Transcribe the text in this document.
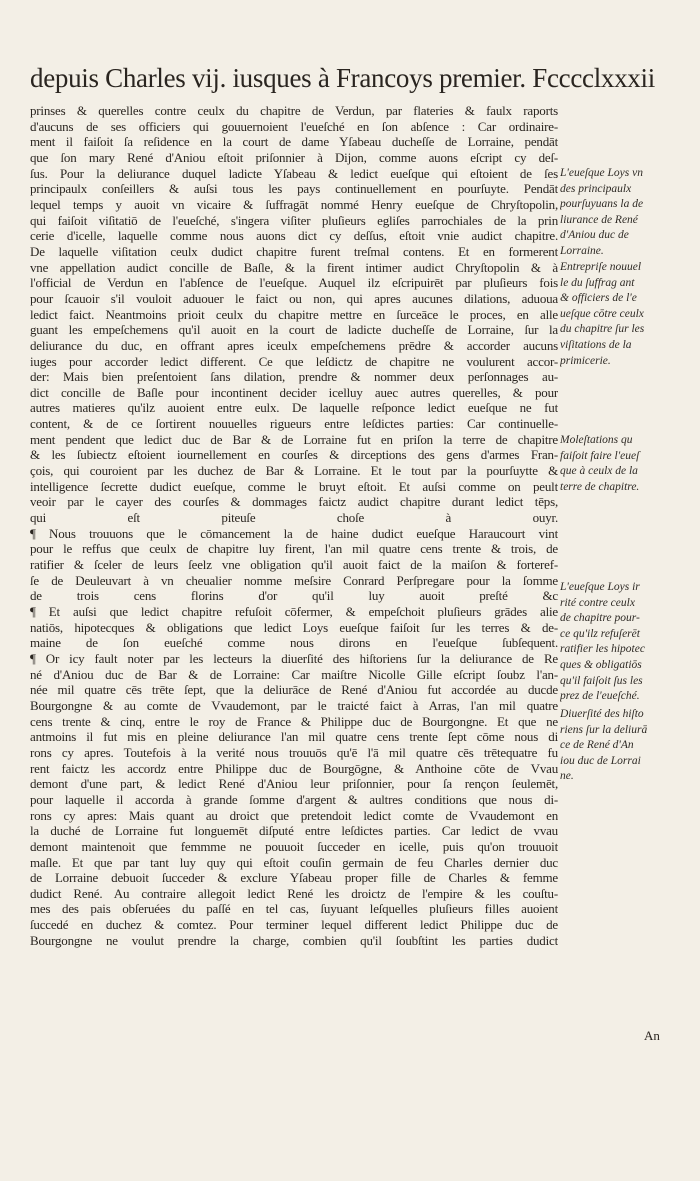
depuis Charles vij. iusques à Francoys premier. Fcccclxxxii

prinses & querelles contre ceulx du chapitre de Verdun, par flateries & faulx raports

d'aucuns de ses officiers qui gouuernoient l'eueſché en ſon abſence : Car ordinaire-

ment il faiſoit ſa reſidence en la court de dame Yſabeau ducheſſe de Lorraine, pendāt

que ſon mary René d'Aniou eſtoit priſonnier à Dijon, comme auons eſcript cy deſ-

ſus. Pour la deliurance duquel ladicte Yſabeau & ledict eueſque qui eſtoient de ſes

principaulx conſeillers & auſsi tous les pays continuellement en pourſuyte. Pendāt

lequel temps y auoit vn vicaire & ſuffragāt nommé Henry eueſque de Chryſtopolin,

qui faiſoit viſitatiō de l'eueſché, s'ingera viſiter pluſieurs egliſes parrochiales de la prin

cerie d'icelle, laquelle comme nous auons dict cy deſſus, eſtoit vnie audict chapitre.

De laquelle viſitation ceulx dudict chapitre furent treſmal contens. Et en formerent

vne appellation audict concille de Baſle, & la firent intimer audict Chryſtopolin & à

l'official de Verdun en l'abſence de l'eueſque. Auquel ilz eſcripuirēt par pluſieurs fois

pour ſcauoir s'il vouloit aduouer le faict ou non, qui apres aucunes dilations, aduoua

ledict faict. Neantmoins prioit ceulx du chapitre mettre en ſurceāce le proces, en alle

guant les empeſchemens qu'il auoit en la court de ladicte ducheſſe de Lorraine, ſur la

deliurance du duc, en offrant apres iceulx empeſchemens prēdre & accorder aucuns

iuges pour accorder ledict different. Ce que leſdictz de chapitre ne voulurent accor-

der: Mais bien preſentoient ſans dilation, prendre & nommer deux perſonnages au-

dict concille de Baſle pour incontinent decider icelluy auec autres querelles, & pour

autres matieres qu'ilz auoient entre eulx. De laquelle reſponce ledict eueſque ne fut

content, & de ce ſortirent nouuelles rigueurs entre leſdictes parties: Car continuelle-

ment pendent que ledict duc de Bar & de Lorraine fut en priſon la terre de chapitre

& les ſubiectz eſtoient iournellement en courſes & dirceptions des gens d'armes Fran-

çois, qui couroient par les duchez de Bar & Lorraine. Et le tout par la pourſuytte &

intelligence ſecrette dudict eueſque, comme le bruyt eſtoit. Et auſsi comme on peult

veoir par le cayer des courſes & dommages faictz audict chapitre durant ledict tēps,

qui eſt piteuſe choſe à ouyr.

¶ Nous trouuons que le cōmancement la de haine dudict eueſque Haraucourt vint

pour le reffus que ceulx de chapitre luy firent, l'an mil quatre cens trente & trois, de

ratifier & ſceler de leurs ſeelz vne obligation qu'il auoit faict de la maiſon & forteref-

ſe de Deuleuvart à vn cheualier nomme meſsire Conrard Perſpregare pour la ſomme

de trois cens florins d'or qu'il luy auoit preſté &c

¶ Et auſsi que ledict chapitre refuſoit cōfermer, & empeſchoit pluſieurs grādes alie

natiōs, hipotecques & obligations que ledict Loys eueſque faiſoit ſur les terres & de-

maine de ſon eueſché comme nous dirons en l'eueſque ſubſequent.

¶ Or icy fault noter par les lecteurs la diuerſité des hiſtoriens ſur la deliurance de Re

né d'Aniou duc de Bar & de Lorraine: Car maiſtre Nicolle Gille eſcript ſoubz l'an-

née mil quatre cēs trēte ſept, que la deliurāce de René d'Aniou fut accordée au ducde

Bourgongne & au comte de Vvaudemont, par le traicté faict à Arras, l'an mil quatre

cens trente & cinq, entre le roy de France & Philippe duc de Bourgongne. Et que ne

antmoins il fut mis en pleine deliurance l'an mil quatre cens trente ſept cōme nous di

rons cy apres. Toutefois à la verité nous trouuōs qu'ē l'ā mil quatre cēs trētequatre fu

rent faictz les accordz entre Philippe duc de Bourgōgne, & Anthoine cōte de Vvau

demont d'une part, & ledict René d'Aniou leur priſonnier, pour ſa rençon ſeulemēt,

pour laquelle il accorda à grande ſomme d'argent & aultres conditions que nous di-

rons cy apres: Mais quant au droict que pretendoit ledict comte de Vvaudemont en

la duché de Lorraine fut longuemēt diſputé entre leſdictes parties. Car ledict de vvau

demont maintenoit que femmme ne pouuoit ſucceder en icelle, puis qu'on trouuoit

maſle. Et que par tant luy quy qui eſtoit couſin germain de feu Charles dernier duc

de Lorraine debuoit ſucceder & exclure Yſabeau proper fille de Charles & femme

dudict René. Au contraire allegoit ledict René les droictz de l'empire & les couſtu-

mes des pais obſeruées du paſſé en tel cas, ſuyuant leſquelles pluſieurs filles auoient

ſuccedé en duchez & comtez. Pour terminer lequel different ledict Philippe duc de

Bourgongne ne voulut prendre la charge, combien qu'il ſoubſtint les parties dudict

L'eueſque Loys vn
des principaulx
pourſuyuans la de
liurance de René
d'Aniou duc de
Lorraine.
Entrepriſe nouuel
le du ſuffrag ant
& officiers de l'e
ueſque cōtre ceulx
du chapitre ſur les
viſitations de la
primicerie.
Moleſtations qu
faiſoit faire l'eueſ
que à ceulx de la
terre de chapitre.
L'eueſque Loys ir
rité contre ceulx
de chapitre pour-
ce qu'ilz refuſerēt
ratifier les hipotec
ques & obligatiōs
qu'il faiſoit ſus les
prez de l'eueſché.
Diuerſité des hiſto
riens ſur la deliurā
ce de René d'An
iou duc de Lorrai
ne.
An
